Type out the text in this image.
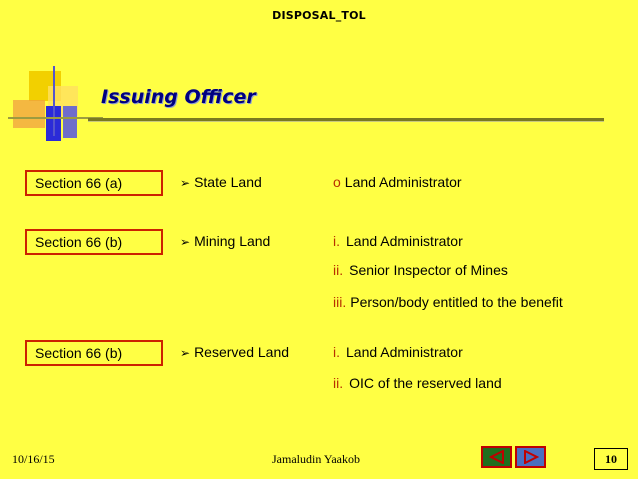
DISPOSAL_TOL
Issuing Officer
Section 66 (a)	➢ State Land	o Land Administrator
Section 66 (b)	➢ Mining Land	i. Land Administrator
ii. Senior Inspector of Mines
iii. Person/body entitled to the benefit
Section 66 (b)	➢ Reserved Land	i. Land Administrator
ii. OIC of the reserved land
10/16/15	Jamaludin Yaakob	10
